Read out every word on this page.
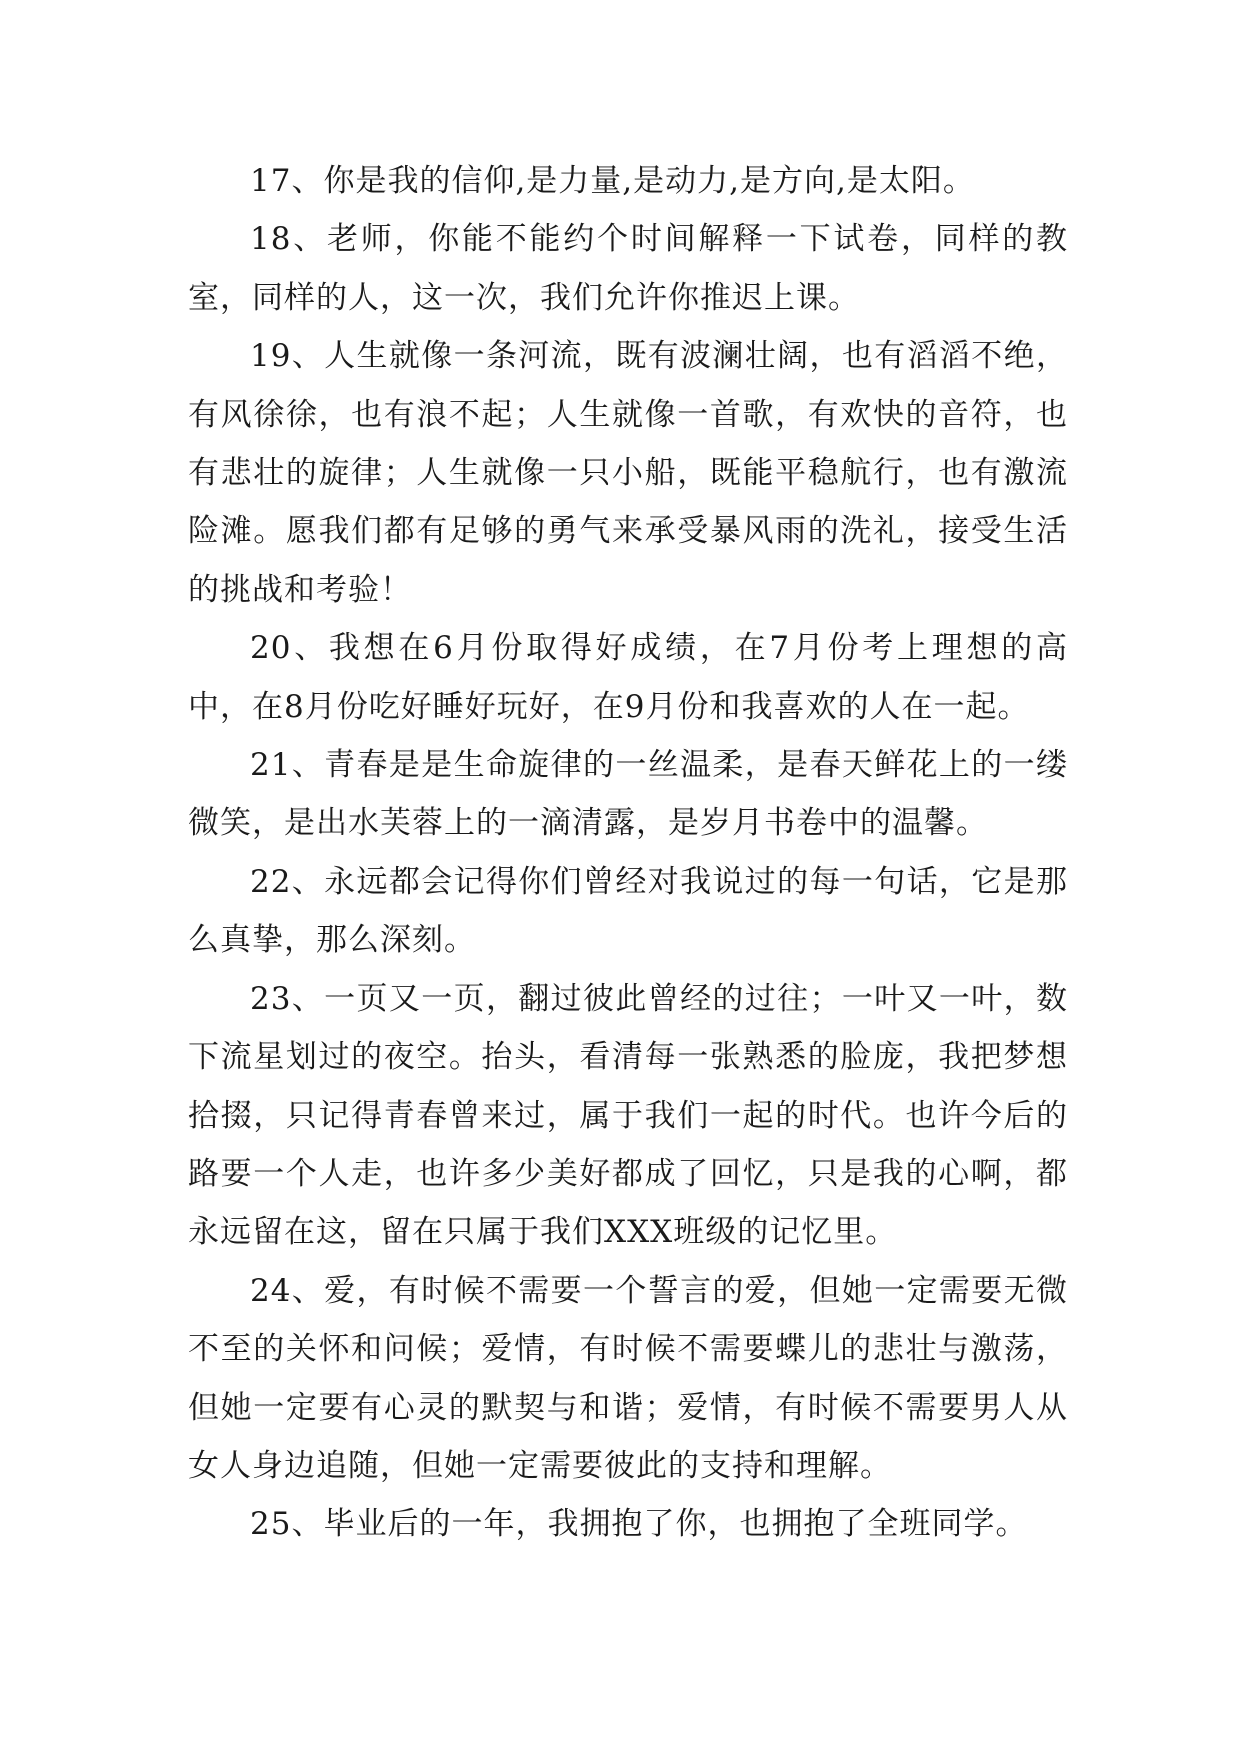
17、你是我的信仰,是力量,是动力,是方向,是太阳。

18、老师，你能不能约个时间解释一下试卷，同样的教室，同样的人，这一次，我们允许你推迟上课。

19、人生就像一条河流，既有波澜壮阔，也有滔滔不绝，有风徐徐，也有浪不起；人生就像一首歌，有欢快的音符，也有悲壮的旋律；人生就像一只小船，既能平稳航行，也有激流险滩。愿我们都有足够的勇气来承受暴风雨的洗礼，接受生活的挑战和考验！

20、我想在6月份取得好成绩，在7月份考上理想的高中，在8月份吃好睡好玩好，在9月份和我喜欢的人在一起。

21、青春是是生命旋律的一丝温柔，是春天鲜花上的一缕微笑，是出水芙蓉上的一滴清露，是岁月书卷中的温馨。

22、永远都会记得你们曾经对我说过的每一句话，它是那么真挚，那么深刻。

23、一页又一页，翻过彼此曾经的过往；一叶又一叶，数下流星划过的夜空。抬头，看清每一张熟悉的脸庞，我把梦想拾掇，只记得青春曾来过，属于我们一起的时代。也许今后的路要一个人走，也许多少美好都成了回忆，只是我的心啊，都永远留在这，留在只属于我们XXX班级的记忆里。

24、爱，有时候不需要一个誓言的爱，但她一定需要无微不至的关怀和问候；爱情，有时候不需要蝶儿的悲壮与激荡，但她一定要有心灵的默契与和谐；爱情，有时候不需要男人从女人身边追随，但她一定需要彼此的支持和理解。

25、毕业后的一年，我拥抱了你，也拥抱了全班同学。
